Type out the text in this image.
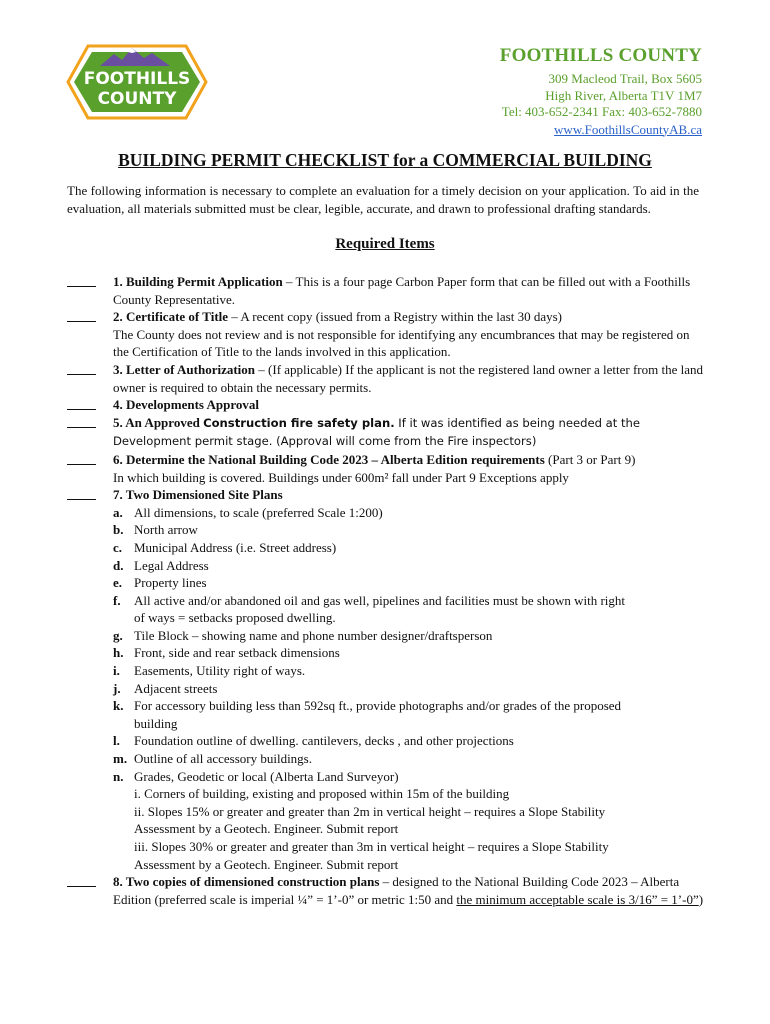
FOOTHILLS
COUNTY
FOOTHILLS COUNTY
309 Macleod Trail, Box 5605
High River, Alberta T1V 1M7
Tel: 403-652-2341 Fax: 403-652-7880
www.FoothillsCountyAB.ca
BUILDING PERMIT CHECKLIST for a COMMERCIAL BUILDING
The following information is necessary to complete an evaluation for a timely decision on your application. To aid in the evaluation, all materials submitted must be clear, legible, accurate, and drawn to professional drafting standards.
Required Items
1. Building Permit Application – This is a four page Carbon Paper form that can be filled out with a Foothills County Representative.
2. Certificate of Title – A recent copy (issued from a Registry within the last 30 days)
The County does not review and is not responsible for identifying any encumbrances that may be registered on the Certification of Title to the lands involved in this application.
3. Letter of Authorization – (If applicable) If the applicant is not the registered land owner a letter from the land owner is required to obtain the necessary permits.
4. Developments Approval
5. An Approved Construction fire safety plan. If it was identified as being needed at the Development permit stage. (Approval will come from the Fire inspectors)
6. Determine the National Building Code 2023 – Alberta Edition requirements (Part 3 or Part 9)
In which building is covered. Buildings under 600m² fall under Part 9 Exceptions apply
7. Two Dimensioned Site Plans
a. All dimensions, to scale (preferred Scale 1:200)
b. North arrow
c. Municipal Address (i.e. Street address)
d. Legal Address
e. Property lines
f. All active and/or abandoned oil and gas well, pipelines and facilities must be shown with right of ways = setbacks proposed dwelling.
g. Tile Block – showing name and phone number designer/draftsperson
h. Front, side and rear setback dimensions
i. Easements, Utility right of ways.
j. Adjacent streets
k. For accessory building less than 592sq ft., provide photographs and/or grades of the proposed building
l. Foundation outline of dwelling. cantilevers, decks , and other projections
m. Outline of all accessory buildings.
n. Grades, Geodetic or local (Alberta Land Surveyor)
i. Corners of building, existing and proposed within 15m of the building
ii. Slopes 15% or greater and greater than 2m in vertical height – requires a Slope Stability Assessment by a Geotech. Engineer. Submit report
iii. Slopes 30% or greater and greater than 3m in vertical height – requires a Slope Stability Assessment by a Geotech. Engineer. Submit report
8. Two copies of dimensioned construction plans – designed to the National Building Code 2023 – Alberta Edition (preferred scale is imperial ¼” = 1’-0” or metric 1:50 and the minimum acceptable scale is 3/16” = 1’-0”)
